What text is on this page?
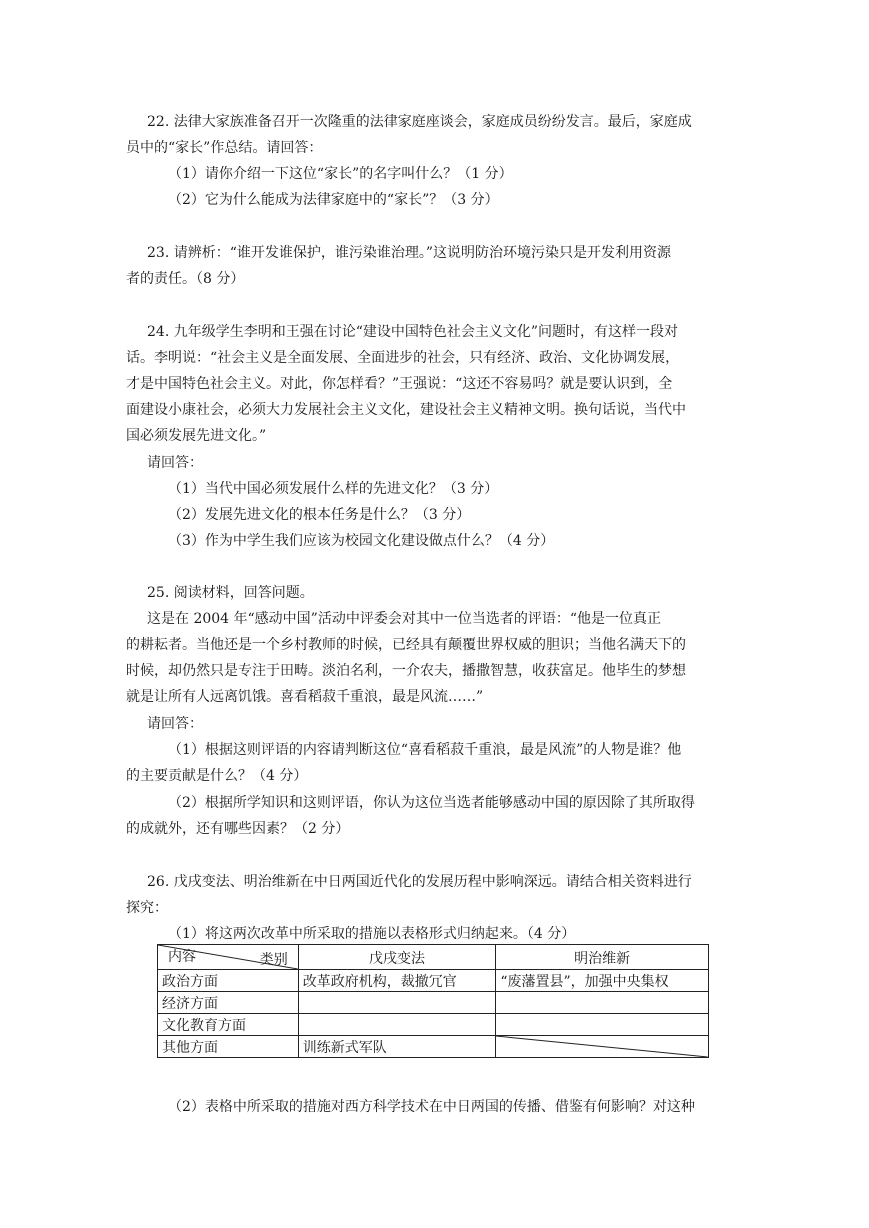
22. 法律大家族准备召开一次隆重的法律家庭座谈会，家庭成员纷纷发言。最后，家庭成
员中的“家长”作总结。请回答：
（1）请你介绍一下这位“家长”的名字叫什么？（1 分）
（2）它为什么能成为法律家庭中的“家长”？（3 分）
23. 请辨析：“谁开发谁保护，谁污染谁治理。”这说明防治环境污染只是开发利用资源
者的责任。（8 分）
24. 九年级学生李明和王强在讨论“建设中国特色社会主义文化”问题时，有这样一段对
话。李明说：“社会主义是全面发展、全面进步的社会，只有经济、政治、文化协调发展，
才是中国特色社会主义。对此，你怎样看？”王强说：“这还不容易吗？就是要认识到，全
面建设小康社会，必须大力发展社会主义文化，建设社会主义精神文明。换句话说，当代中
国必须发展先进文化。”
请回答：
（1）当代中国必须发展什么样的先进文化？（3 分）
（2）发展先进文化的根本任务是什么？（3 分）
（3）作为中学生我们应该为校园文化建设做点什么？（4 分）
25. 阅读材料，回答问题。
这是在 2004 年“感动中国”活动中评委会对其中一位当选者的评语：“他是一位真正
的耕耘者。当他还是一个乡村教师的时候，已经具有颠覆世界权威的胆识；当他名满天下的
时候，却仍然只是专注于田畴。淡泊名利，一介农夫，播撒智慧，收获富足。他毕生的梦想
就是让所有人远离饥饿。喜看稻菽千重浪，最是风流……”
请回答：
（1）根据这则评语的内容请判断这位“喜看稻菽千重浪，最是风流”的人物是谁？他
的主要贡献是什么？（4 分）
（2）根据所学知识和这则评语，你认为这位当选者能够感动中国的原因除了其所取得
的成就外，还有哪些因素？（2 分）
26. 戊戌变法、明治维新在中日两国近代化的发展历程中影响深远。请结合相关资料进行
探究：
（1）将这两次改革中所采取的措施以表格形式归纳起来。（4 分）
类别
内容	戊戌变法	明治维新
政治方面	改革政府机构，裁撤冗官	“废藩置县”，加强中央集权
经济方面		
文化教育方面		
其他方面	训练新式军队	
（2）表格中所采取的措施对西方科学技术在中日两国的传播、借鉴有何影响？对这种
